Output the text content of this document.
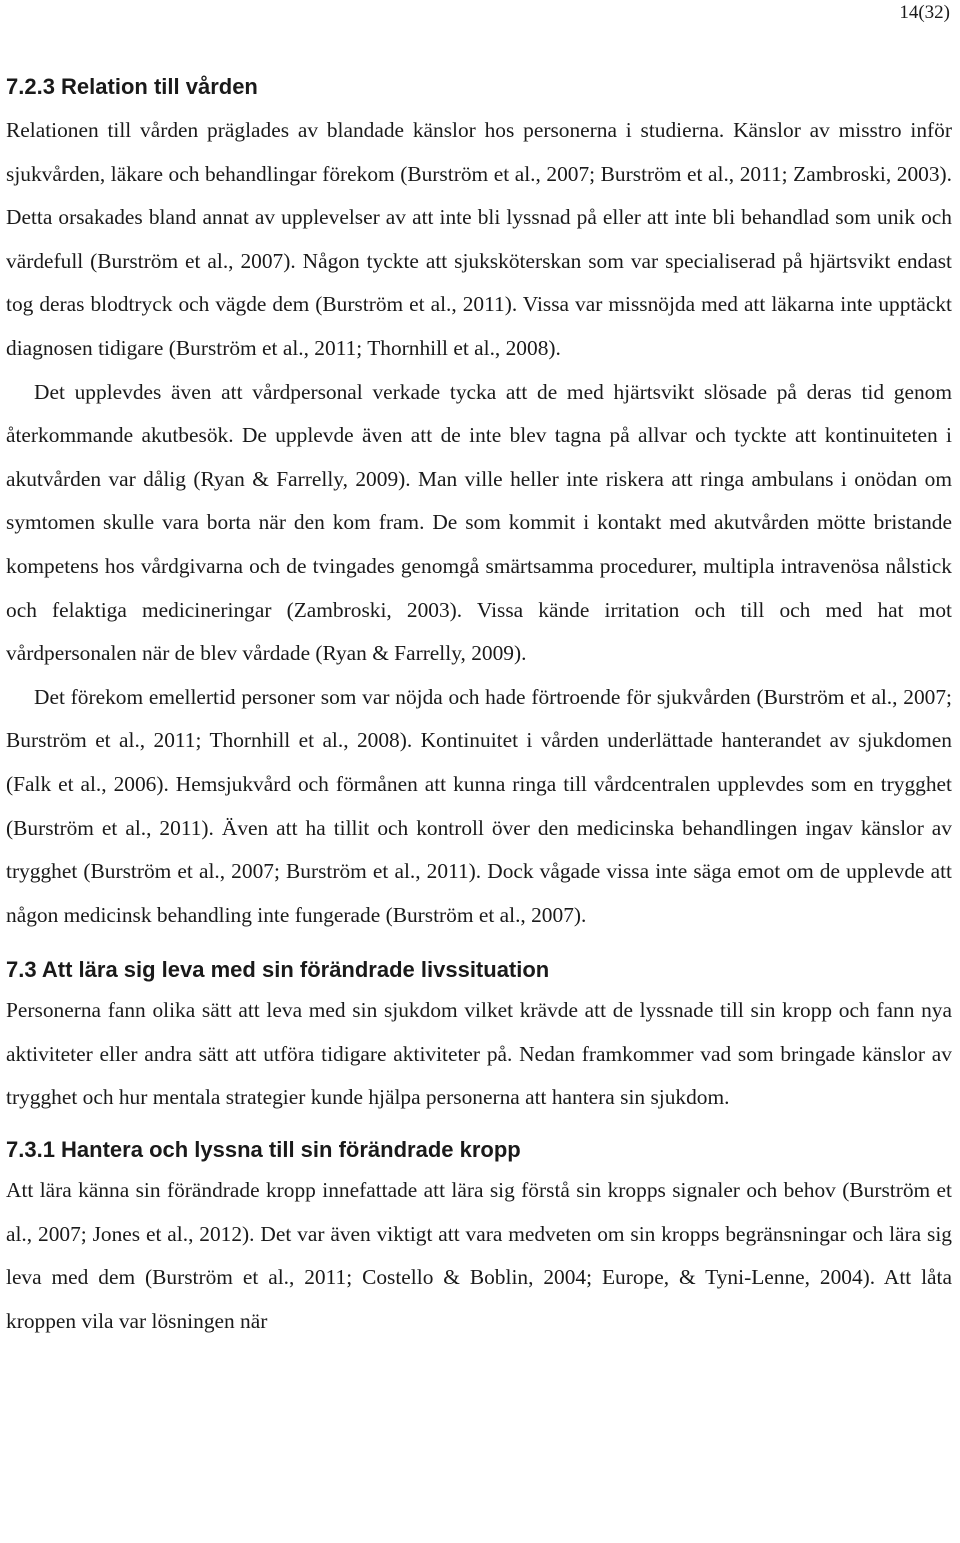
14(32)
7.2.3 Relation till vården

Relationen till vården präglades av blandade känslor hos personerna i studierna. Känslor av misstro inför sjukvården, läkare och behandlingar förekom (Burström et al., 2007; Burström et al., 2011; Zambroski, 2003). Detta orsakades bland annat av upplevelser av att inte bli lyssnad på eller att inte bli behandlad som unik och värdefull (Burström et al., 2007). Någon tyckte att sjuksköterskan som var specialiserad på hjärtsvikt endast tog deras blodtryck och vägde dem (Burström et al., 2011). Vissa var missnöjda med att läkarna inte upptäckt diagnosen tidigare (Burström et al., 2011; Thornhill et al., 2008).

Det upplevdes även att vårdpersonal verkade tycka att de med hjärtsvikt slösade på deras tid genom återkommande akutbesök. De upplevde även att de inte blev tagna på allvar och tyckte att kontinuiteten i akutvården var dålig (Ryan & Farrelly, 2009). Man ville heller inte riskera att ringa ambulans i onödan om symtomen skulle vara borta när den kom fram. De som kommit i kontakt med akutvården mötte bristande kompetens hos vårdgivarna och de tvingades genomgå smärtsamma procedurer, multipla intravenösa nålstick och felaktiga medicineringar (Zambroski, 2003). Vissa kände irritation och till och med hat mot vårdpersonalen när de blev vårdade (Ryan & Farrelly, 2009).

Det förekom emellertid personer som var nöjda och hade förtroende för sjukvården (Burström et al., 2007; Burström et al., 2011; Thornhill et al., 2008). Kontinuitet i vården underlättade hanterandet av sjukdomen (Falk et al., 2006). Hemsjukvård och förmånen att kunna ringa till vårdcentralen upplevdes som en trygghet (Burström et al., 2011). Även att ha tillit och kontroll över den medicinska behandlingen ingav känslor av trygghet (Burström et al., 2007; Burström et al., 2011). Dock vågade vissa inte säga emot om de upplevde att någon medicinsk behandling inte fungerade (Burström et al., 2007).

7.3 Att lära sig leva med sin förändrade livssituation

Personerna fann olika sätt att leva med sin sjukdom vilket krävde att de lyssnade till sin kropp och fann nya aktiviteter eller andra sätt att utföra tidigare aktiviteter på. Nedan framkommer vad som bringade känslor av trygghet och hur mentala strategier kunde hjälpa personerna att hantera sin sjukdom.

7.3.1 Hantera och lyssna till sin förändrade kropp

Att lära känna sin förändrade kropp innefattade att lära sig förstå sin kropps signaler och behov (Burström et al., 2007; Jones et al., 2012). Det var även viktigt att vara medveten om sin kropps begränsningar och lära sig leva med dem (Burström et al., 2011; Costello & Boblin, 2004; Europe, & Tyni-Lenne, 2004). Att låta kroppen vila var lösningen när
